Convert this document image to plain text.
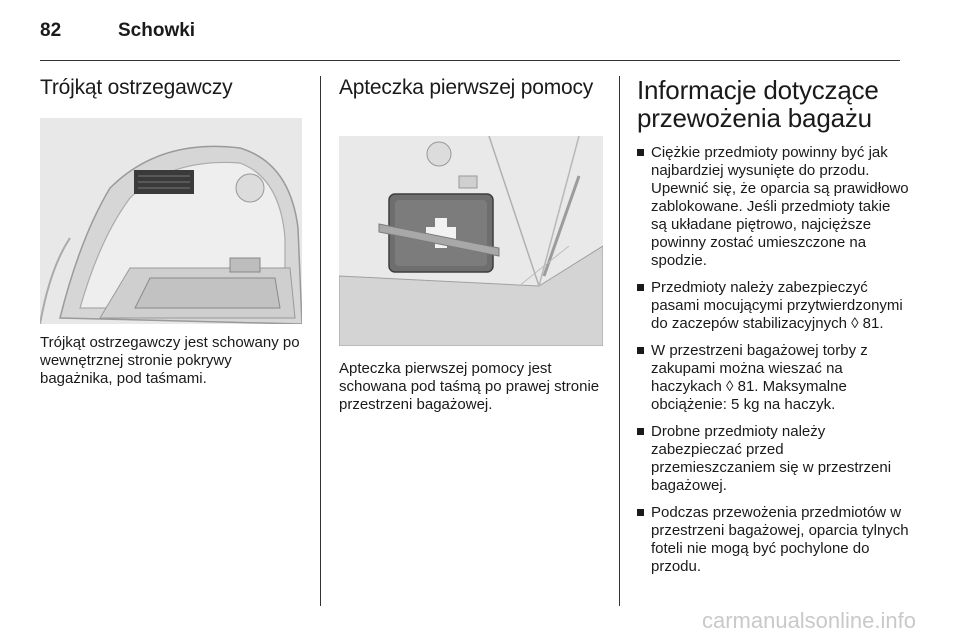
82	Schowki
Trójkąt ostrzegawczy

Trójkąt ostrzegawczy jest schowany po wewnętrznej stronie pokrywy bagażnika, pod taśmami.

Apteczka pierwszej pomocy

Apteczka pierwszej pomocy jest schowana pod taśmą po prawej stronie przestrzeni bagażowej.

Informacje dotyczące przewożenia bagażu
Ciężkie przedmioty powinny być jak najbardziej wysunięte do przodu. Upewnić się, że oparcia są prawidłowo zablokowane. Jeśli przedmioty takie są układane piętrowo, najcięższe powinny zostać umieszczone na spodzie.
Przedmioty należy zabezpieczyć pasami mocującymi przytwierdzonymi do zaczepów stabilizacyjnych ◊ 81.
W przestrzeni bagażowej torby z zakupami można wieszać na haczykach ◊ 81. Maksymalne obciążenie: 5 kg na haczyk.
Drobne przedmioty należy zabezpieczać przed przemieszczaniem się w przestrzeni bagażowej.
Podczas przewożenia przedmiotów w przestrzeni bagażowej, oparcia tylnych foteli nie mogą być pochylone do przodu.
carmanualsonline.info
